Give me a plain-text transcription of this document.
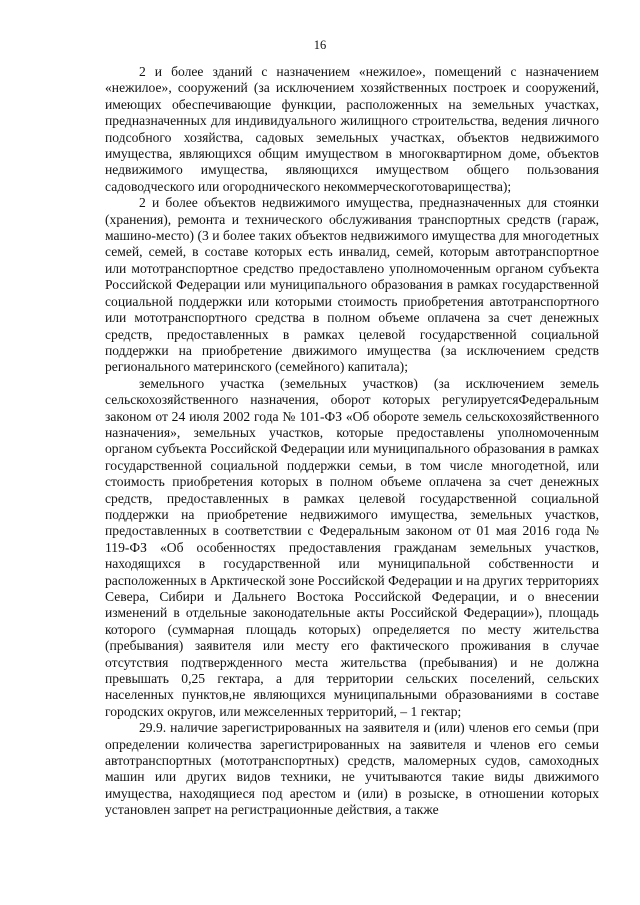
16

2 и более зданий с назначением «нежилое», помещений с назначением «нежилое», сооружений (за исключением хозяйственных построек и сооружений, имеющих обеспечивающие функции, расположенных на земельных участках, предназначенных для индивидуального жилищного строительства, ведения личного подсобного хозяйства, садовых земельных участках, объектов недвижимого имущества, являющихся общим имуществом в многоквартирном доме, объектов недвижимого имущества, являющихся имуществом общего пользования садоводческого или огороднического некоммерческоготоварищества);

2 и более объектов недвижимого имущества, предназначенных для стоянки (хранения), ремонта и технического обслуживания транспортных средств (гараж, машино-место) (3 и более таких объектов недвижимого имущества для многодетных семей, семей, в составе которых есть инвалид, семей, которым автотранспортное или мототранспортное средство предоставлено уполномоченным органом субъекта Российской Федерации или муниципального образования в рамках государственной социальной поддержки или которыми стоимость приобретения автотранспортного или мототранспортного средства в полном объеме оплачена за счет денежных средств, предоставленных в рамках целевой государственной социальной поддержки на приобретение движимого имущества (за исключением средств регионального материнского (семейного) капитала);

земельного участка (земельных участков) (за исключением земель сельскохозяйственного назначения, оборот которых регулируетсяФедеральным законом от 24 июля 2002 года № 101-ФЗ «Об обороте земель сельскохозяйственного назначения», земельных участков, которые предоставлены уполномоченным органом субъекта Российской Федерации или муниципального образования в рамках государственной социальной поддержки семьи, в том числе многодетной, или стоимость приобретения которых в полном объеме оплачена за счет денежных средств, предоставленных в рамках целевой государственной социальной поддержки на приобретение недвижимого имущества, земельных участков, предоставленных в соответствии с Федеральным законом от 01 мая 2016 года № 119-ФЗ «Об особенностях предоставления гражданам земельных участков, находящихся в государственной или муниципальной собственности и расположенных в Арктической зоне Российской Федерации и на других территориях Севера, Сибири и Дальнего Востока Российской Федерации, и о внесении изменений в отдельные законодательные акты Российской Федерации»), площадь которого (суммарная площадь которых) определяется по месту жительства (пребывания) заявителя или месту его фактического проживания в случае отсутствия подтвержденного места жительства (пребывания) и не должна превышать 0,25 гектара, а для территории сельских поселений, сельских населенных пунктов,не являющихся муниципальными образованиями в составе городских округов, или межселенных территорий, – 1 гектар;

29.9. наличие зарегистрированных на заявителя и (или) членов его семьи (при определении количества зарегистрированных на заявителя и членов его семьи автотранспортных (мототранспортных) средств, маломерных судов, самоходных машин или других видов техники, не учитываются такие виды движимого имущества, находящиеся под арестом и (или) в розыске, в отношении которых установлен запрет на регистрационные действия, а также
